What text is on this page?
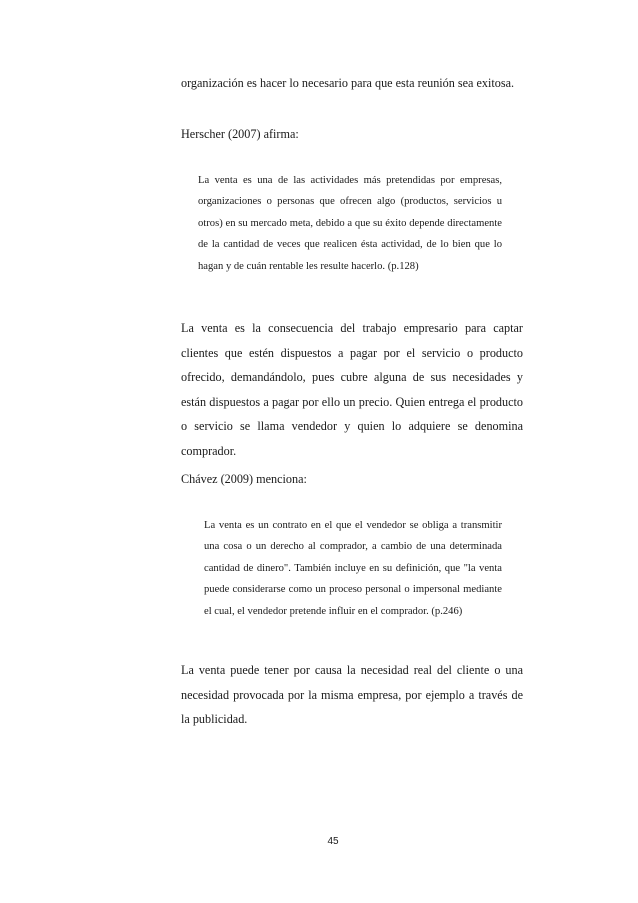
organización es hacer lo necesario para que esta reunión sea exitosa.

Herscher (2007) afirma:

La venta es una de las actividades más pretendidas por empresas, organizaciones o personas que ofrecen algo (productos, servicios u otros) en su mercado meta, debido a que su éxito depende directamente de la cantidad de veces que realicen ésta actividad, de lo bien que lo hagan y de cuán rentable les resulte hacerlo. (p.128)

La venta es la consecuencia del trabajo empresario para captar clientes que estén dispuestos a pagar por el servicio o producto ofrecido, demandándolo, pues cubre alguna de sus necesidades y están dispuestos a pagar por ello un precio. Quien entrega el producto o servicio se llama vendedor y quien lo adquiere se denomina comprador.

Chávez (2009) menciona:

La venta es un contrato en el que el vendedor se obliga a transmitir una cosa o un derecho al comprador, a cambio de una determinada cantidad de dinero". También incluye en su definición, que "la venta puede considerarse como un proceso personal o impersonal mediante el cual, el vendedor pretende influir en el comprador. (p.246)

La venta puede tener por causa la necesidad real del cliente o una necesidad provocada por la misma empresa, por ejemplo a través de la publicidad.

45
